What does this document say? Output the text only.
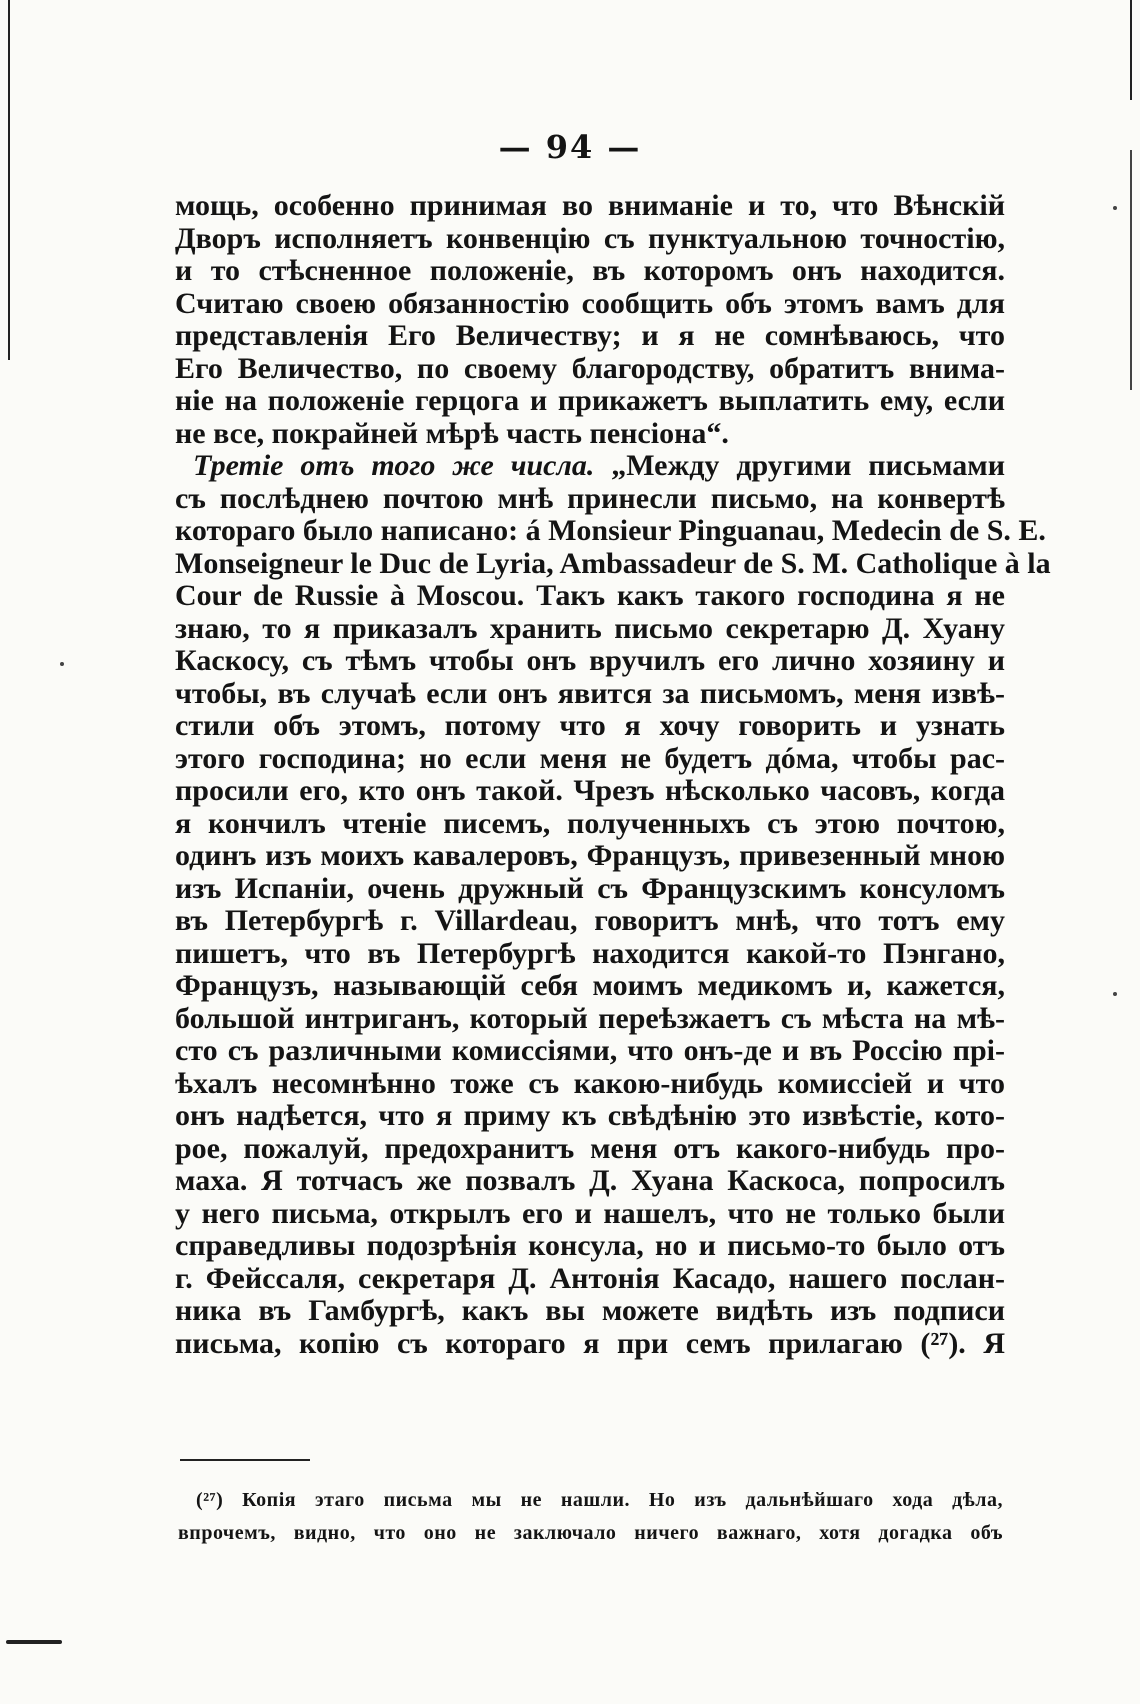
— 94 —
мощь, особенно принимая во вниманіе и то, что Вѣнскій
Дворъ исполняетъ конвенцію съ пунктуальною точностію,
и то стѣсненное положеніе, въ которомъ онъ находится.
Считаю своею обязанностію сообщить объ этомъ вамъ для
представленія Его Величеству; и я не сомнѣваюсь, что
Его Величество, по своему благородству, обратитъ внима-
ніе на положеніе герцога и прикажетъ выплатить ему, если
не все, покрайней мѣрѣ часть пенсіона“.
Третіе отъ того же числа. „Между другими письмами
съ послѣднею почтою мнѣ принесли письмо, на конвертѣ
котораго было написано: á Monsieur Pinguanau, Medecin de S. E.
Monseigneur le Duc de Lyria, Ambassadeur de S. M. Catholique à la
Cour de Russie à Moscou. Такъ какъ такого господина я не
знаю, то я приказалъ хранить письмо секретарю Д. Хуану
Каскосу, съ тѣмъ чтобы онъ вручилъ его лично хозяину и
чтобы, въ случаѣ если онъ явится за письмомъ, меня извѣ-
стили объ этомъ, потому что я хочу говорить и узнать
этого господина; но если меня не будетъ дóма, чтобы рас-
просили его, кто онъ такой. Чрезъ нѣсколько часовъ, когда
я кончилъ чтеніе писемъ, полученныхъ съ этою почтою,
одинъ изъ моихъ кавалеровъ, Французъ, привезенный мною
изъ Испаніи, очень дружный съ Французскимъ консуломъ
въ Петербургѣ г. Villardeau, говоритъ мнѣ, что тотъ ему
пишетъ, что въ Петербургѣ находится какой-то Пэнгано,
Французъ, называющій себя моимъ медикомъ и, кажется,
большой интриганъ, который переѣзжаетъ съ мѣста на мѣ-
сто съ различными комиссіями, что онъ-де и въ Россію прі-
ѣхалъ несомнѣнно тоже съ какою-нибудь комиссіей и что
онъ надѣется, что я приму къ свѣдѣнію это извѣстіе, кото-
рое, пожалуй, предохранитъ меня отъ какого-нибудь про-
маха. Я тотчасъ же позвалъ Д. Хуана Каскоса, попросилъ
у него письма, открылъ его и нашелъ, что не только были
справедливы подозрѣнія консула, но и письмо-то было отъ
г. Фейссаля, секретаря Д. Антонія Касадо, нашего послан-
ника въ Гамбургѣ, какъ вы можете видѣть изъ подписи
письма, копію съ котораго я при семъ прилагаю (²⁷). Я
(²⁷) Копія этаго письма мы не нашли. Но изъ дальнѣйшаго хода дѣла,
впрочемъ, видно, что оно не заключало ничего важнаго, хотя догадка объ
